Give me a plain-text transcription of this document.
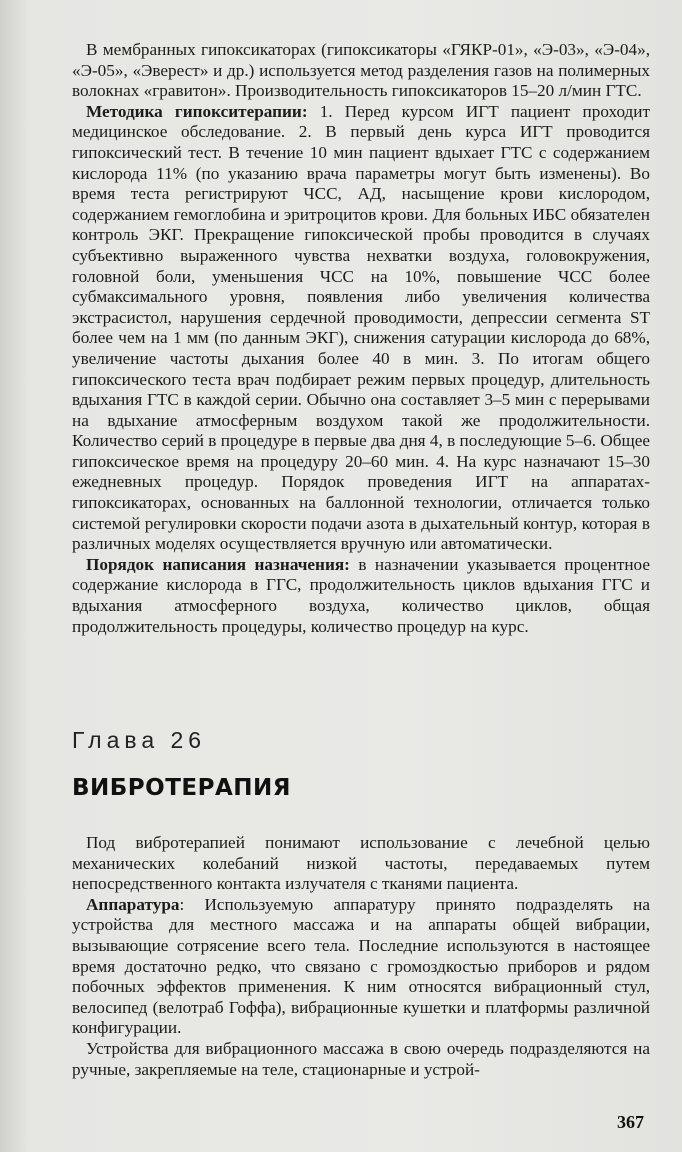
В мембранных гипоксикаторах (гипоксикаторы «ГЯКР-01», «Э-03», «Э-04», «Э-05», «Эверест» и др.) используется метод разделения газов на полимерных волокнах «гравитон». Производительность гипоксикаторов 15–20 л/мин ГТС.

Методика гипокситерапии: 1. Перед курсом ИГТ пациент проходит медицинское обследование. 2. В первый день курса ИГТ проводится гипоксический тест. В течение 10 мин пациент вдыхает ГТС с содержанием кислорода 11% (по указанию врача параметры могут быть изменены). Во время теста регистрируют ЧСС, АД, насыщение крови кислородом, содержанием гемоглобина и эритроцитов крови. Для больных ИБС обязателен контроль ЭКГ. Прекращение гипоксической пробы проводится в случаях субъективно выраженного чувства нехватки воздуха, головокружения, головной боли, уменьшения ЧСС на 10%, повышение ЧСС более субмаксимального уровня, появления либо увеличения количества экстрасистол, нарушения сердечной проводимости, депрессии сегмента ST более чем на 1 мм (по данным ЭКГ), снижения сатурации кислорода до 68%, увеличение частоты дыхания более 40 в мин. 3. По итогам общего гипоксического теста врач подбирает режим первых процедур, длительность вдыхания ГТС в каждой серии. Обычно она составляет 3–5 мин с перерывами на вдыхание атмосферным воздухом такой же продолжительности. Количество серий в процедуре в первые два дня 4, в последующие 5–6. Общее гипоксическое время на процедуру 20–60 мин. 4. На курс назначают 15–30 ежедневных процедур. Порядок проведения ИГТ на аппаратах-гипоксикаторах, основанных на баллонной технологии, отличается только системой регулировки скорости подачи азота в дыхательный контур, которая в различных моделях осуществляется вручную или автоматически.

Порядок написания назначения: в назначении указывается процентное содержание кислорода в ГГС, продолжительность циклов вдыхания ГГС и вдыхания атмосферного воздуха, количество циклов, общая продолжительность процедуры, количество процедур на курс.

Глава 26
ВИБРОТЕРАПИЯ

Под вибротерапией понимают использование с лечебной целью механических колебаний низкой частоты, передаваемых путем непосредственного контакта излучателя с тканями пациента.

Аппаратура: Используемую аппаратуру принято подразделять на устройства для местного массажа и на аппараты общей вибрации, вызывающие сотрясение всего тела. Последние используются в настоящее время достаточно редко, что связано с громоздкостью приборов и рядом побочных эффектов применения. К ним относятся вибрационный стул, велосипед (велотраб Гоффа), вибрационные кушетки и платформы различной конфигурации.

Устройства для вибрационного массажа в свою очередь подразделяются на ручные, закрепляемые на теле, стационарные и устрой-

367
